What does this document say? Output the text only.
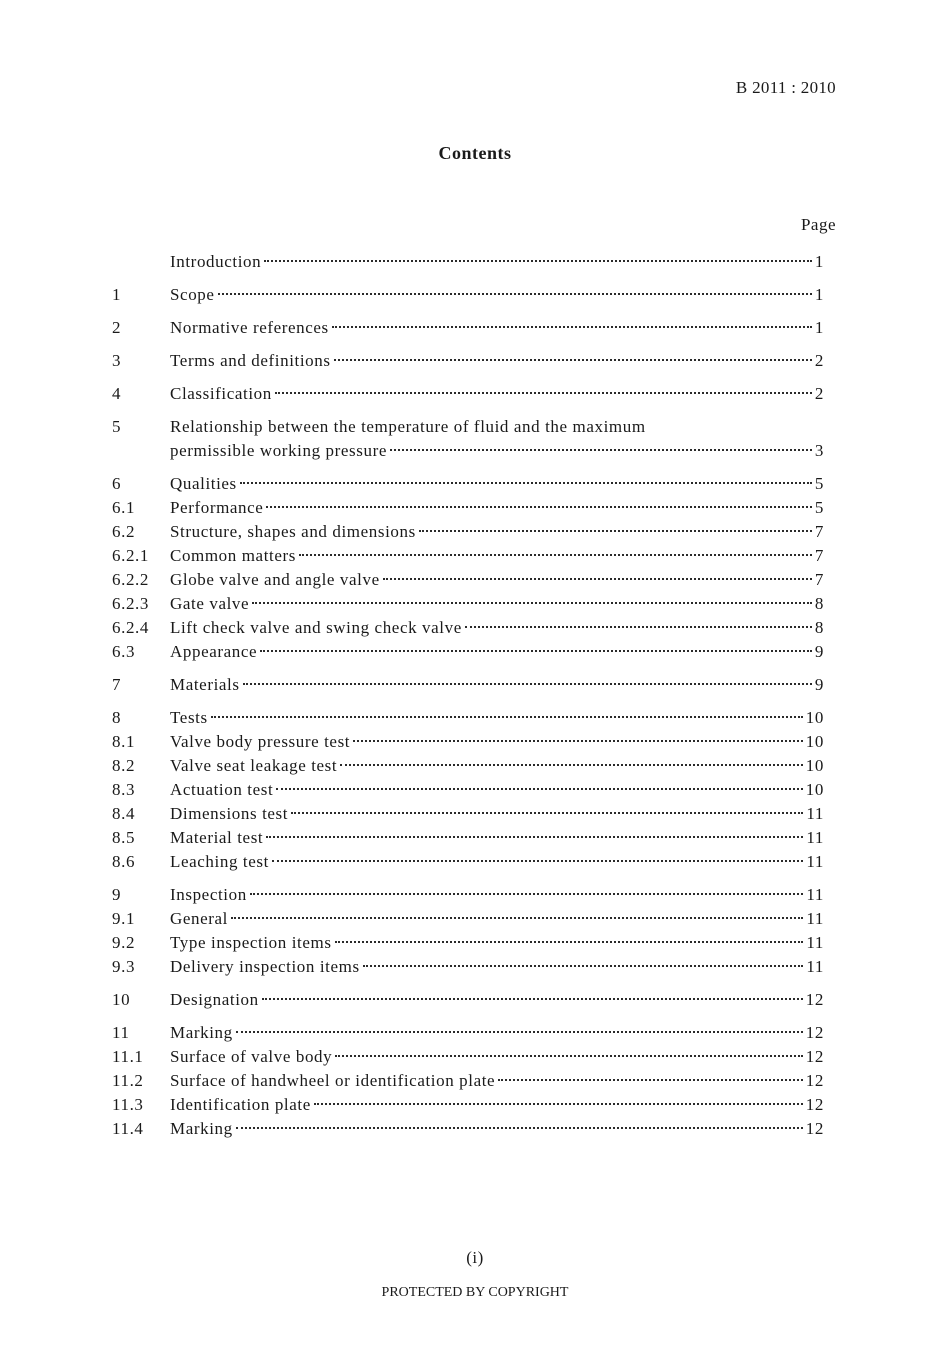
B 2011 : 2010
Contents
Page
Introduction	1
1	Scope	1
2	Normative references	1
3	Terms and definitions	2
4	Classification	2
5	Relationship between the temperature of fluid and the maximum
permissible working pressure	3
6	Qualities	5
6.1	Performance	5
6.2	Structure, shapes and dimensions	7
6.2.1	Common matters	7
6.2.2	Globe valve and angle valve	7
6.2.3	Gate valve	8
6.2.4	Lift check valve and swing check valve	8
6.3	Appearance	9
7	Materials	9
8	Tests	10
8.1	Valve body pressure test	10
8.2	Valve seat leakage test	10
8.3	Actuation test	10
8.4	Dimensions test	11
8.5	Material test	11
8.6	Leaching test	11
9	Inspection	11
9.1	General	11
9.2	Type inspection items	11
9.3	Delivery inspection items	11
10	Designation	12
11	Marking	12
11.1	Surface of valve body	12
11.2	Surface of handwheel or identification plate	12
11.3	Identification plate	12
11.4	Marking	12
(i)
PROTECTED BY COPYRIGHT
